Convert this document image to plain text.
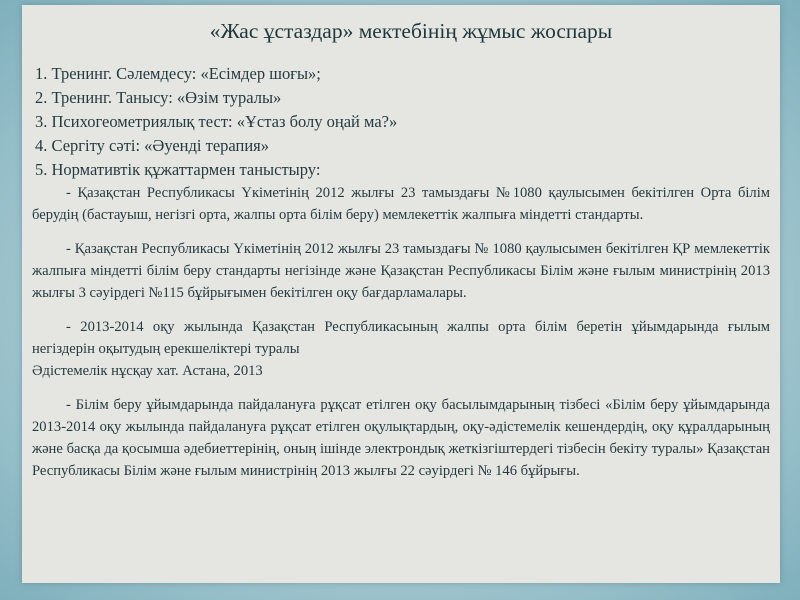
«Жас ұстаздар» мектебінің жұмыс жоспары
1. Тренинг. Сәлемдесу: «Есімдер шоғы»;
2. Тренинг. Танысу: «Өзім туралы»
3. Психогеометриялық тест: «Ұстаз болу оңай ма?»
4. Сергіту сәті: «Әуенді терапия»
5. Нормативтік құжаттармен таныстыру:

- Қазақстан Республикасы Үкіметінің 2012 жылғы 23 тамыздағы №1080 қаулысымен бекітілген Орта білім берудің (бастауыш, негізгі орта, жалпы орта білім беру) мемлекеттік жалпыға міндетті стандарты.

- Қазақстан Республикасы Үкіметінің 2012 жылғы 23 тамыздағы № 1080 қаулысымен бекітілген ҚР мемлекеттік жалпыға міндетті білім беру стандарты негізінде және Қазақстан Республикасы Білім және ғылым министрінің 2013 жылғы 3 сәуірдегі №115 бұйрығымен бекітілген оқу бағдарламалары.

- 2013-2014 оқу жылында Қазақстан Республикасының жалпы орта білім беретін ұйымдарында ғылым негіздерін оқытудың ерекшеліктері туралы

Әдістемелік нұсқау хат. Астана, 2013

- Білім беру ұйымдарында пайдалануға рұқсат етілген оқу басылымдарының тізбесі «Білім беру ұйымдарында 2013-2014 оқу жылында пайдалануға рұқсат етілген оқулықтардың, оқу-әдістемелік кешендердің, оқу құралдарының және басқа да қосымша әдебиеттерінің, оның ішінде электрондық жеткізгіштердегі тізбесін бекіту туралы» Қазақстан Республикасы Білім және ғылым министрінің 2013 жылғы 22 сәуірдегі № 146 бұйрығы.
